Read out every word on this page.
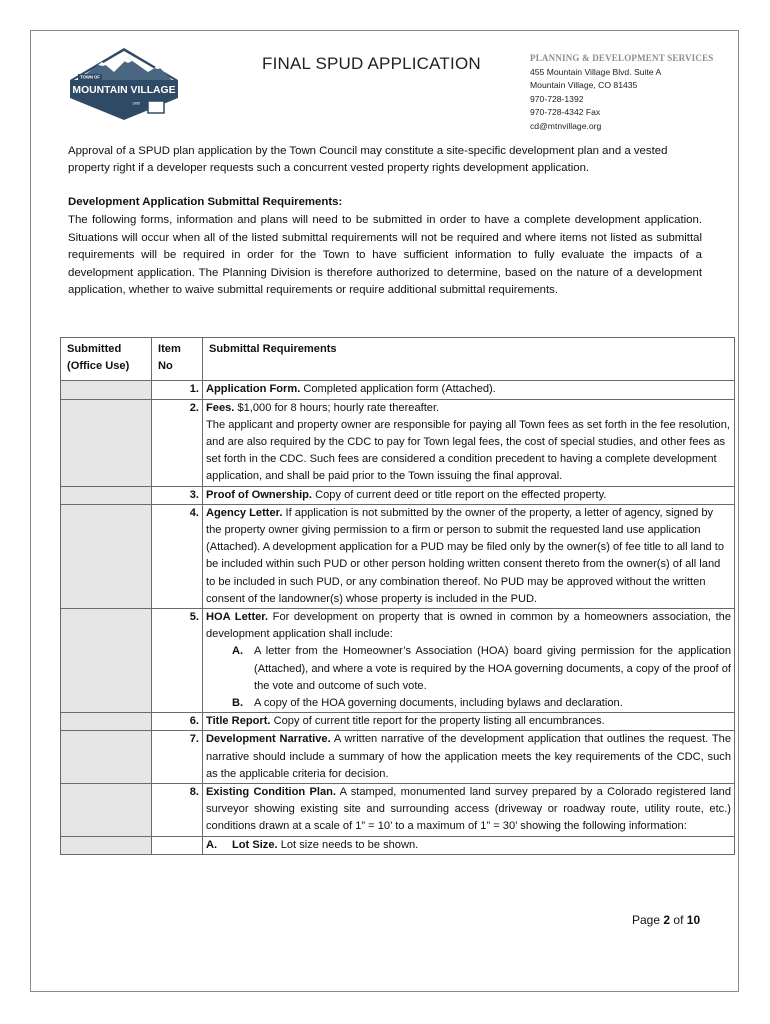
TOWN OF
MOUNTAIN VILLAGE
1995
FINAL SPUD APPLICATION	PLANNING & DEVELOPMENT SERVICES
455 Mountain Village Blvd. Suite A
Mountain Village, CO 81435
970-728-1392
970-728-4342 Fax
cd@mtnvillage.org
Approval of a SPUD plan application by the Town Council may constitute a site-specific development plan and a vested property right if a developer requests such a concurrent vested property rights development application.
Development Application Submittal Requirements:
The following forms, information and plans will need to be submitted in order to have a complete development application. Situations will occur when all of the listed submittal requirements will not be required and where items not listed as submittal requirements will be required in order for the Town to have sufficient information to fully evaluate the impacts of a development application. The Planning Division is therefore authorized to determine, based on the nature of a development application, whether to waive submittal requirements or require additional submittal requirements.
Submitted (Office Use)	Item No	Submittal Requirements
	1.	Application Form. Completed application form (Attached).
	2.	Fees. $1,000 for 8 hours; hourly rate thereafter.
The applicant and property owner are responsible for paying all Town fees as set forth in the fee resolution, and are also required by the CDC to pay for Town legal fees, the cost of special studies, and other fees as set forth in the CDC. Such fees are considered a condition precedent to having a complete development application, and shall be paid prior to the Town issuing the final approval.

	3.	Proof of Ownership. Copy of current deed or title report on the effected property.
	4.	Agency Letter. If application is not submitted by the owner of the property, a letter of agency, signed by the property owner giving permission to a firm or person to submit the requested land use application (Attached). A development application for a PUD may be filed only by the owner(s) of fee title to all land to be included within such PUD or other person holding written consent thereto from the owner(s) of all land to be included in such PUD, or any combination thereof. No PUD may be approved without the written consent of the landowner(s) whose property is included in the PUD.
	5.	HOA Letter. For development on property that is owned in common by a homeowners association, the development application shall include:
A. A letter from the Homeowner’s Association (HOA) board giving permission for the application (Attached), and where a vote is required by the HOA governing documents, a copy of the proof of the vote and outcome of such vote.
B. A copy of the HOA governing documents, including bylaws and declaration.

	6.	Title Report. Copy of current title report for the property listing all encumbrances.
	7.	Development Narrative. A written narrative of the development application that outlines the request. The narrative should include a summary of how the application meets the key requirements of the CDC, such as the applicable criteria for decision.
	8.	Existing Condition Plan. A stamped, monumented land survey prepared by a Colorado registered land surveyor showing existing site and surrounding access (driveway or roadway route, utility route, etc.) conditions drawn at a scale of 1” = 10’ to a maximum of 1” = 30’ showing the following information:

		A. Lot Size. Lot size needs to be shown.
Page 2 of 10
